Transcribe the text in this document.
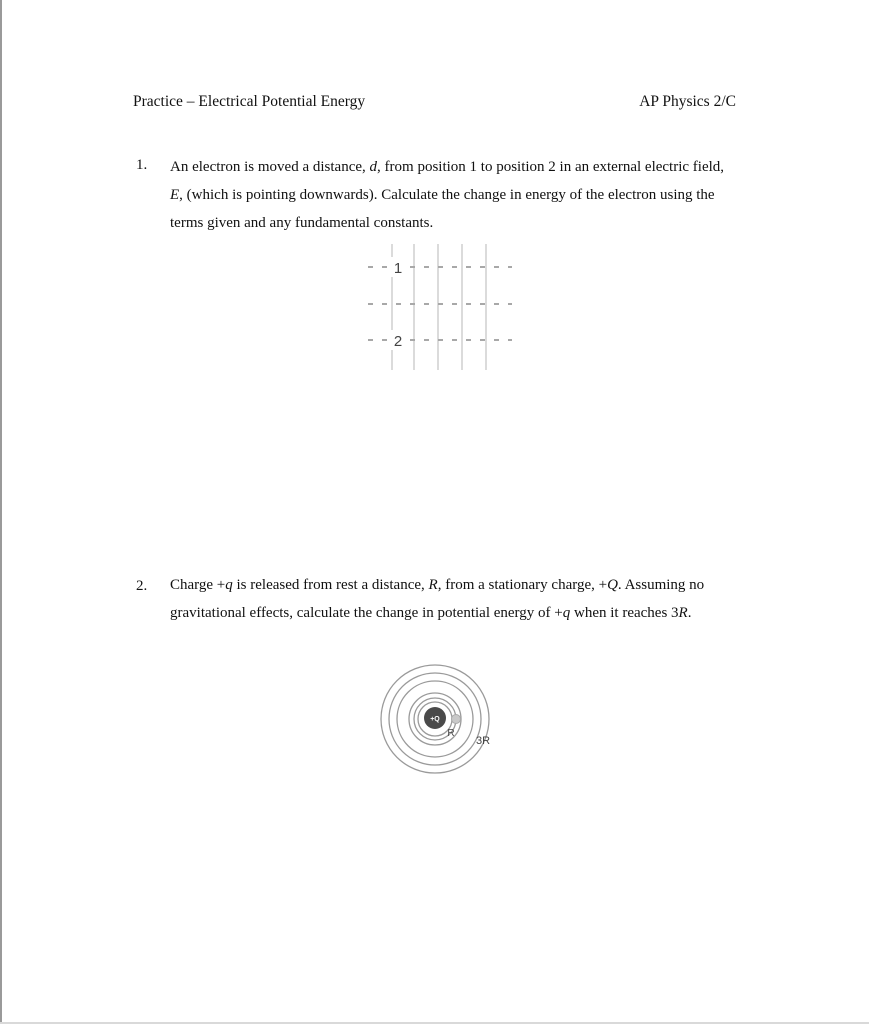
Practice – Electrical Potential Energy	AP Physics 2/C
1. An electron is moved a distance, d, from position 1 to position 2 in an external electric field, E, (which is pointing downwards). Calculate the change in energy of the electron using the terms given and any fundamental constants.

1
2
2. Charge +q is released from rest a distance, R, from a stationary charge, +Q. Assuming no gravitational effects, calculate the change in potential energy of +q when it reaches 3R.

+Q
R
3R
